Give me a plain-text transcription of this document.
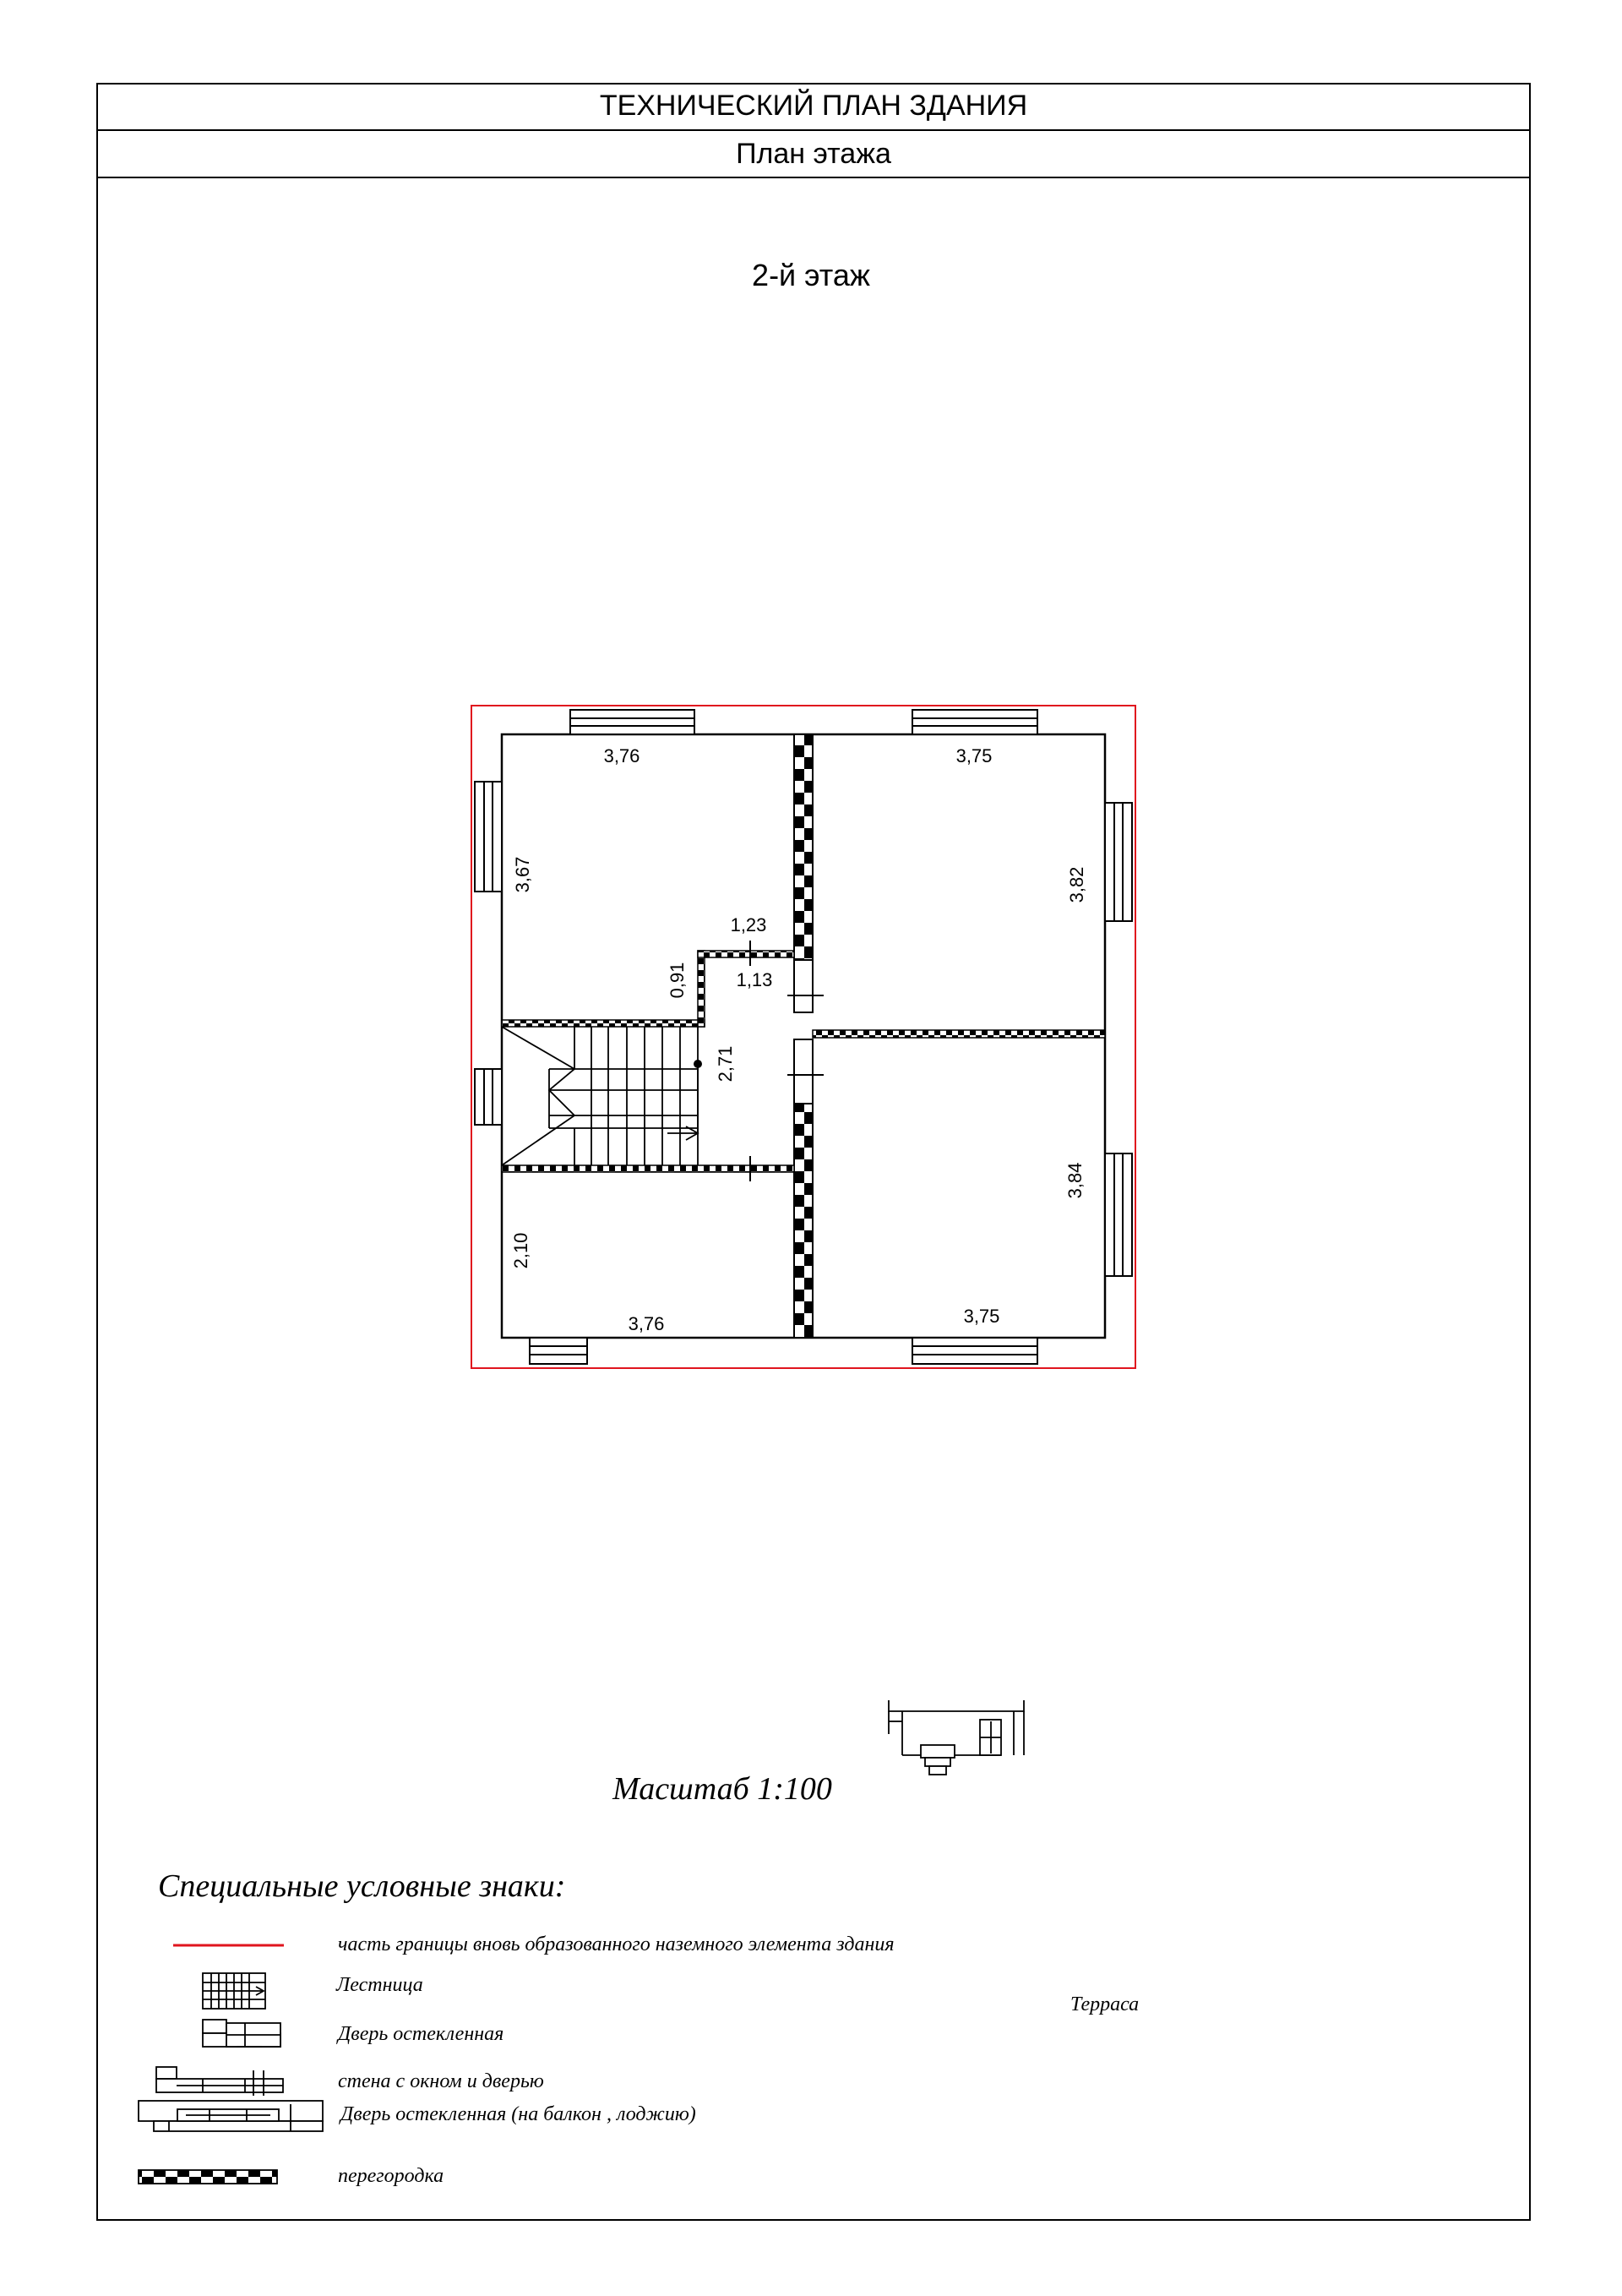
ТЕХНИЧЕСКИЙ ПЛАН ЗДАНИЯ
План этажа
2-й этаж
3,76	3,75
3,67	3,82
1,23
0,91	1,13
2,71
3,84
2,10
3,76	3,75
Масштаб 1:100
Специальные условные знаки:
часть границы вновь образованного наземного элемента здания
Лестница
Дверь остекленная
стена с окном и дверью
Дверь остекленная (на балкон , лоджию)
перегородка
Терраса
